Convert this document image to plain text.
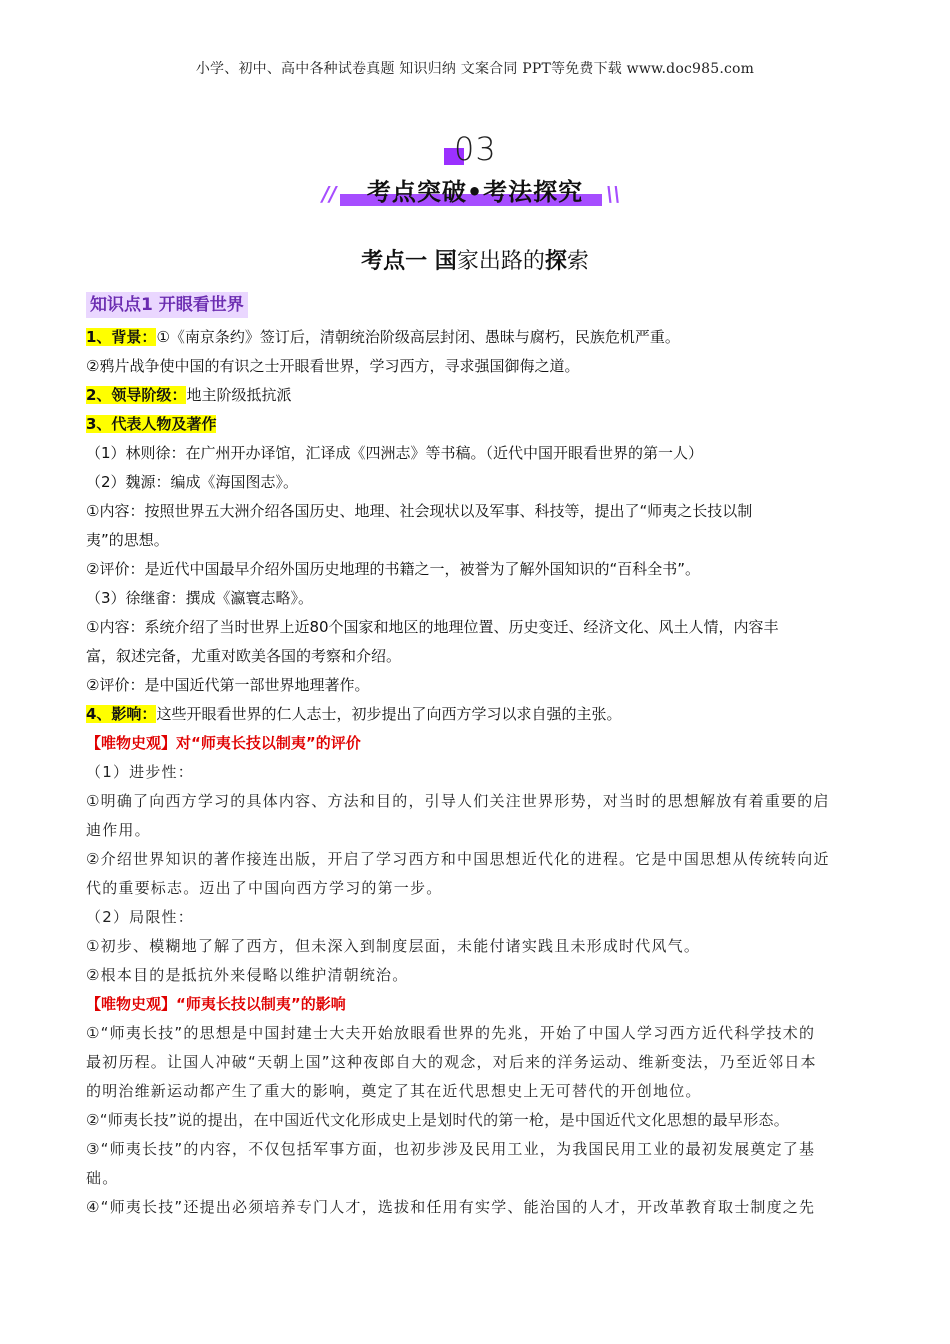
小学、初中、高中各种试卷真题 知识归纳 文案合同 PPT等免费下载 www.doc985.com
03
//	考点突破•考法探究	\\
考点一 国家出路的探索
知识点1 开眼看世界
1、背景：①《南京条约》签订后，清朝统治阶级高层封闭、愚昧与腐朽，民族危机严重。
②鸦片战争使中国的有识之士开眼看世界，学习西方，寻求强国御侮之道。
2、领导阶级：地主阶级抵抗派
3、代表人物及著作
（1）林则徐：在广州开办译馆，汇译成《四洲志》等书稿。（近代中国开眼看世界的第一人）
（2）魏源：编成《海国图志》。
①内容：按照世界五大洲介绍各国历史、地理、社会现状以及军事、科技等，提出了“师夷之长技以制
夷”的思想。
②评价：是近代中国最早介绍外国历史地理的书籍之一，被誉为了解外国知识的“百科全书”。
（3）徐继畬：撰成《瀛寰志略》。
①内容：系统介绍了当时世界上近80个国家和地区的地理位置、历史变迁、经济文化、风土人情，内容丰
富，叙述完备，尤重对欧美各国的考察和介绍。
②评价：是中国近代第一部世界地理著作。
4、影响：这些开眼看世界的仁人志士，初步提出了向西方学习以求自强的主张。
【唯物史观】对“师夷长技以制夷”的评价
（1）进步性：
①明确了向西方学习的具体内容、方法和目的，引导人们关注世界形势，对当时的思想解放有着重要的启
迪作用。
②介绍世界知识的著作接连出版，开启了学习西方和中国思想近代化的进程。它是中国思想从传统转向近
代的重要标志。迈出了中国向西方学习的第一步。
（2）局限性：
①初步、模糊地了解了西方，但未深入到制度层面，未能付诸实践且未形成时代风气。
②根本目的是抵抗外来侵略以维护清朝统治。
【唯物史观】“师夷长技以制夷”的影响
①“师夷长技”的思想是中国封建士大夫开始放眼看世界的先兆，开始了中国人学习西方近代科学技术的
最初历程。让国人冲破“天朝上国”这种夜郎自大的观念，对后来的洋务运动、维新变法，乃至近邻日本
的明治维新运动都产生了重大的影响，奠定了其在近代思想史上无可替代的开创地位。
②“师夷长技”说的提出，在中国近代文化形成史上是划时代的第一枪，是中国近代文化思想的最早形态。
③“师夷长技”的内容，不仅包括军事方面，也初步涉及民用工业，为我国民用工业的最初发展奠定了基
础。
④“师夷长技”还提出必须培养专门人才，选拔和任用有实学、能治国的人才，开改革教育取士制度之先
